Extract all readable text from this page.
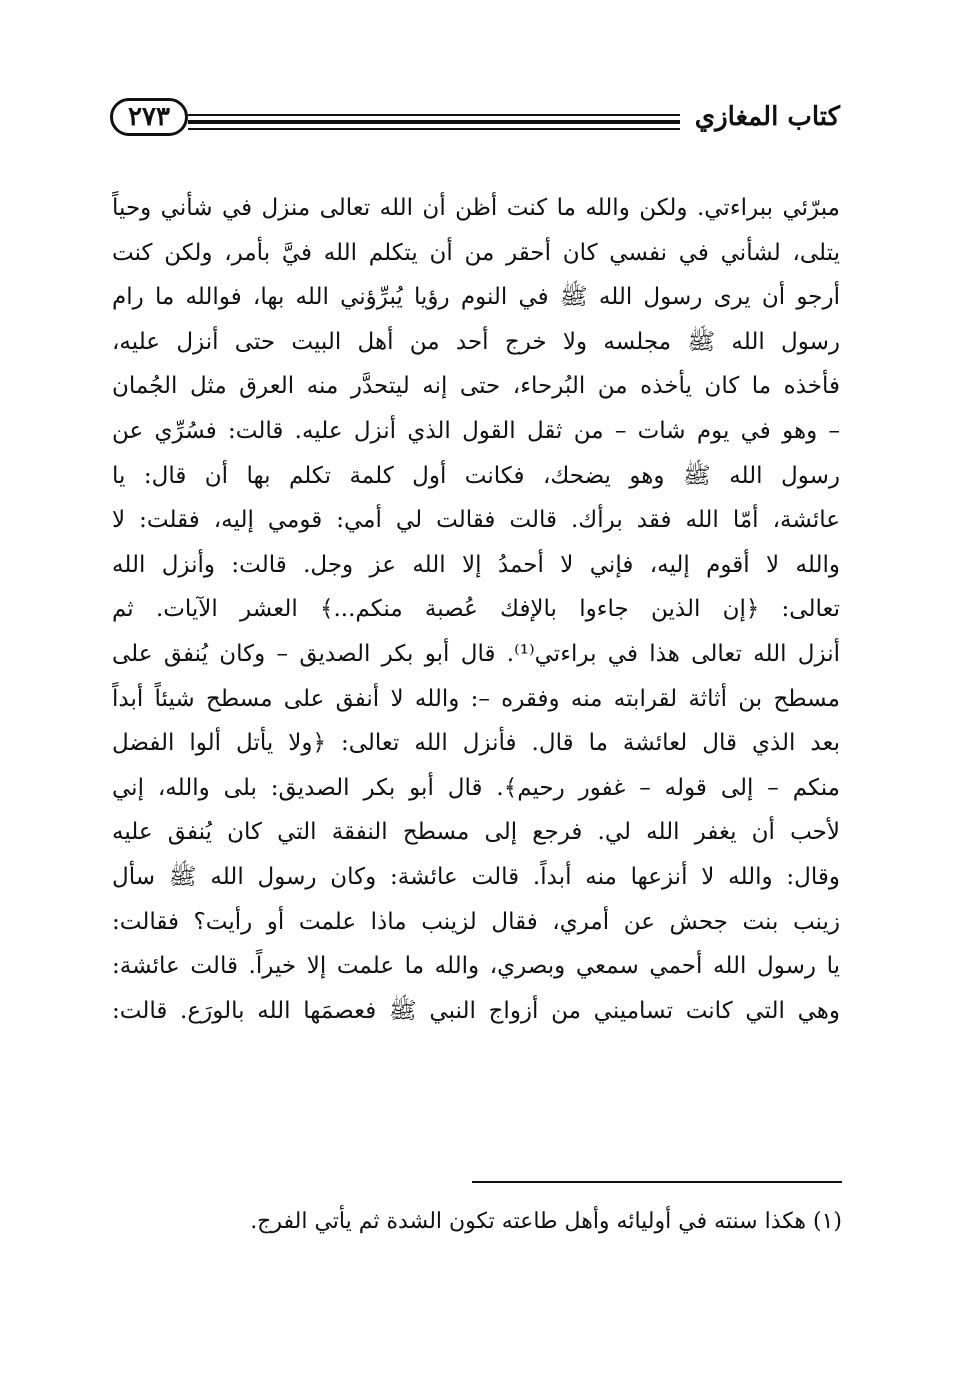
كتاب المغازي
٢٧٣
مبرّئي ببراءتي. ولكن والله ما كنت أظن أن الله تعالى منزل في شأني وحياً
يتلى، لشأني في نفسي كان أحقر من أن يتكلم الله فيَّ بأمر، ولكن كنت
أرجو أن يرى رسول الله ﷺ في النوم رؤيا يُبرِّؤني الله بها، فوالله ما رام
رسول الله ﷺ مجلسه ولا خرج أحد من أهل البيت حتى أنزل عليه،
فأخذه ما كان يأخذه من البُرحاء، حتى إنه ليتحدَّر منه العرق مثل الجُمان
– وهو في يوم شات – من ثقل القول الذي أنزل عليه. قالت: فسُرِّي عن
رسول الله ﷺ وهو يضحك، فكانت أول كلمة تكلم بها أن قال: يا
عائشة، أمّا الله فقد برأك. قالت فقالت لي أمي: قومي إليه، فقلت: لا
والله لا أقوم إليه، فإني لا أحمدُ إلا الله عز وجل. قالت: وأنزل الله
تعالى: ﴿إن الذين جاءوا بالإفك عُصبة منكم...﴾ العشر الآيات. ثم
أنزل الله تعالى هذا في براءتي⁽¹⁾. قال أبو بكر الصديق – وكان يُنفق على
مسطح بن أثاثة لقرابته منه وفقره –: والله لا أنفق على مسطح شيئاً أبداً
بعد الذي قال لعائشة ما قال. فأنزل الله تعالى: ﴿ولا يأتل ألوا الفضل
منكم – إلى قوله – غفور رحيم﴾. قال أبو بكر الصديق: بلى والله، إني
لأحب أن يغفر الله لي. فرجع إلى مسطح النفقة التي كان يُنفق عليه
وقال: والله لا أنزعها منه أبداً. قالت عائشة: وكان رسول الله ﷺ سأل
زينب بنت جحش عن أمري، فقال لزينب ماذا علمت أو رأيت؟ فقالت:
يا رسول الله أحمي سمعي وبصري، والله ما علمت إلا خيراً. قالت عائشة:
وهي التي كانت تساميني من أزواج النبي ﷺ فعصمَها الله بالورَع. قالت:
(١) هكذا سنته في أوليائه وأهل طاعته تكون الشدة ثم يأتي الفرج.
